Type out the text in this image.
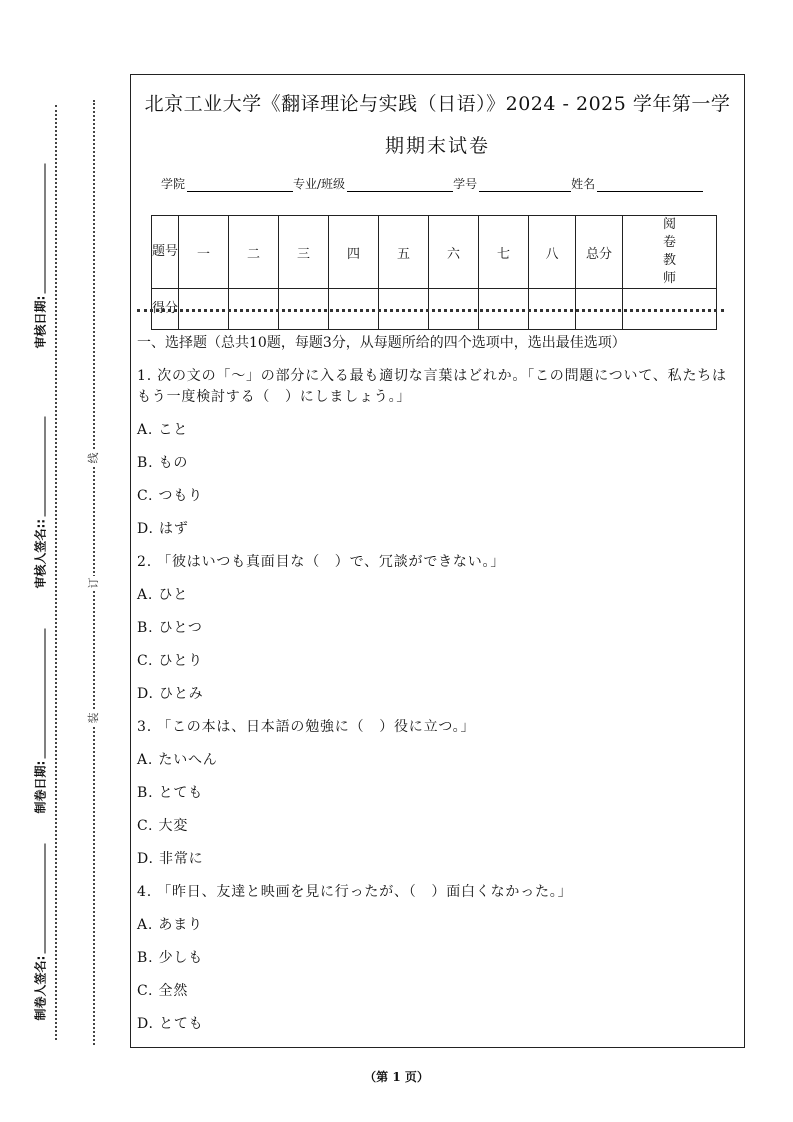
审核日期:
审核人签名::
制卷日期:
制卷人签名:
线
订
装
北京工业大学《翻译理论与实践（日语）》2024 - 2025 学年第一学
期期末试卷
学院	专业/班级	学号	姓名
题号	一	二	三	四	五	六	七	八	总分	阅卷教师
得分										
一、选择题（总共10题，每题3分，从每题所给的四个选项中，选出最佳选项）
1. 次の文の「〜」の部分に入る最も適切な言葉はどれか。「この問題について、私たちはもう一度検討する（　）にしましょう。」
A. こと
B. もの
C. つもり
D. はず
2. 「彼はいつも真面目な（　）で、冗談ができない。」
A. ひと
B. ひとつ
C. ひとり
D. ひとみ
3. 「この本は、日本語の勉強に（　）役に立つ。」
A. たいへん
B. とても
C. 大変
D. 非常に
4. 「昨日、友達と映画を見に行ったが、（　）面白くなかった。」
A. あまり
B. 少しも
C. 全然
D. とても
（第 1 页）
